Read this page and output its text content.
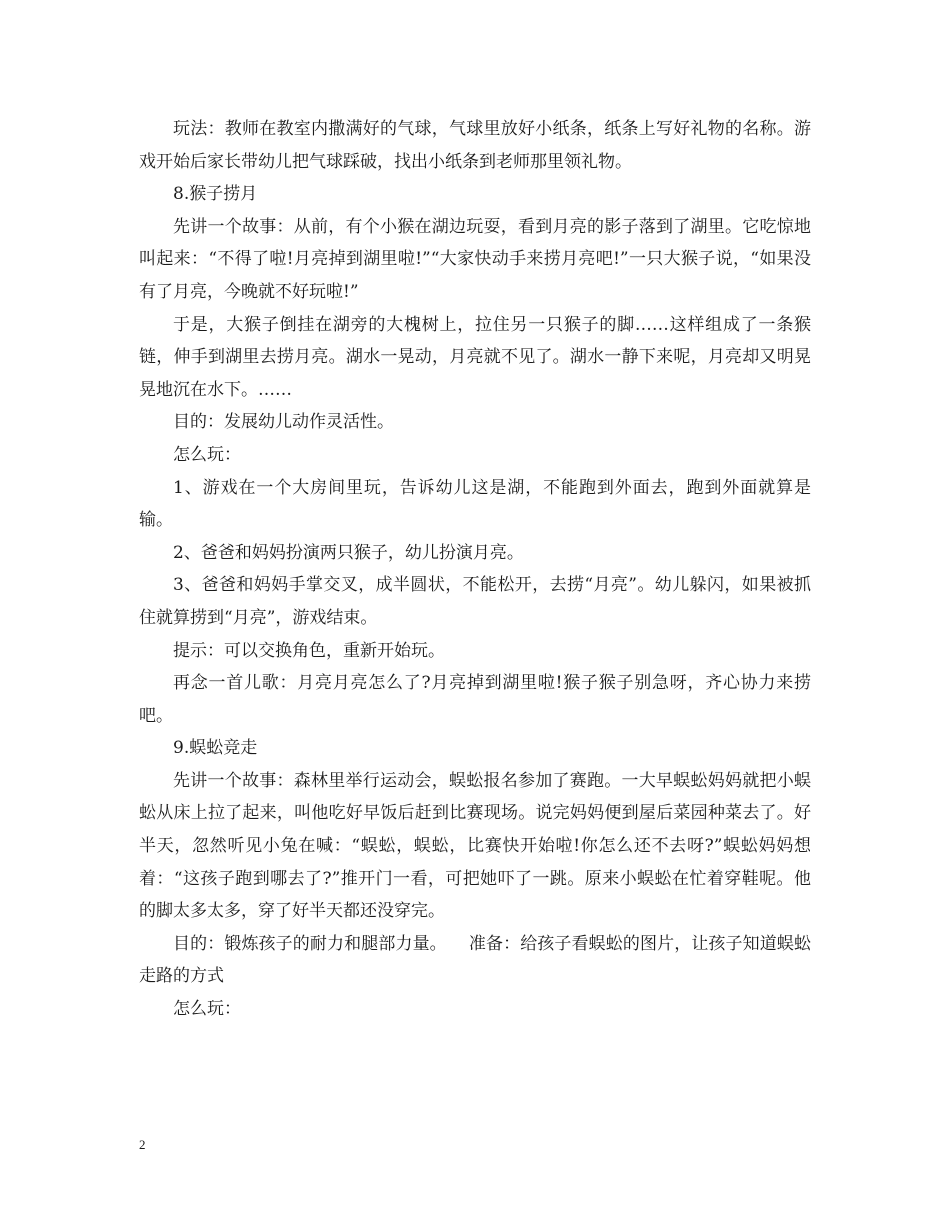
玩法：教师在教室内撒满好的气球，气球里放好小纸条，纸条上写好礼物的名称。游戏开始后家长带幼儿把气球踩破，找出小纸条到老师那里领礼物。

8.猴子捞月

先讲一个故事：从前，有个小猴在湖边玩耍，看到月亮的影子落到了湖里。它吃惊地叫起来：“不得了啦!月亮掉到湖里啦!”“大家快动手来捞月亮吧!”一只大猴子说，“如果没有了月亮，今晚就不好玩啦!”

于是，大猴子倒挂在湖旁的大槐树上，拉住另一只猴子的脚……这样组成了一条猴链，伸手到湖里去捞月亮。湖水一晃动，月亮就不见了。湖水一静下来呢，月亮却又明晃晃地沉在水下。……

目的：发展幼儿动作灵活性。

怎么玩：

1、游戏在一个大房间里玩，告诉幼儿这是湖，不能跑到外面去，跑到外面就算是输。

2、爸爸和妈妈扮演两只猴子，幼儿扮演月亮。

3、爸爸和妈妈手掌交叉，成半圆状，不能松开，去捞“月亮”。幼儿躲闪，如果被抓住就算捞到“月亮”，游戏结束。

提示：可以交换角色，重新开始玩。

再念一首儿歌：月亮月亮怎么了?月亮掉到湖里啦!猴子猴子别急呀，齐心协力来捞吧。

9.蜈蚣竞走

先讲一个故事：森林里举行运动会，蜈蚣报名参加了赛跑。一大早蜈蚣妈妈就把小蜈蚣从床上拉了起来，叫他吃好早饭后赶到比赛现场。说完妈妈便到屋后菜园种菜去了。好半天，忽然听见小兔在喊：“蜈蚣，蜈蚣，比赛快开始啦!你怎么还不去呀?”蜈蚣妈妈想着：“这孩子跑到哪去了?”推开门一看，可把她吓了一跳。原来小蜈蚣在忙着穿鞋呢。他的脚太多太多，穿了好半天都还没穿完。

目的：锻炼孩子的耐力和腿部力量。    准备：给孩子看蜈蚣的图片，让孩子知道蜈蚣走路的方式

怎么玩：

2
